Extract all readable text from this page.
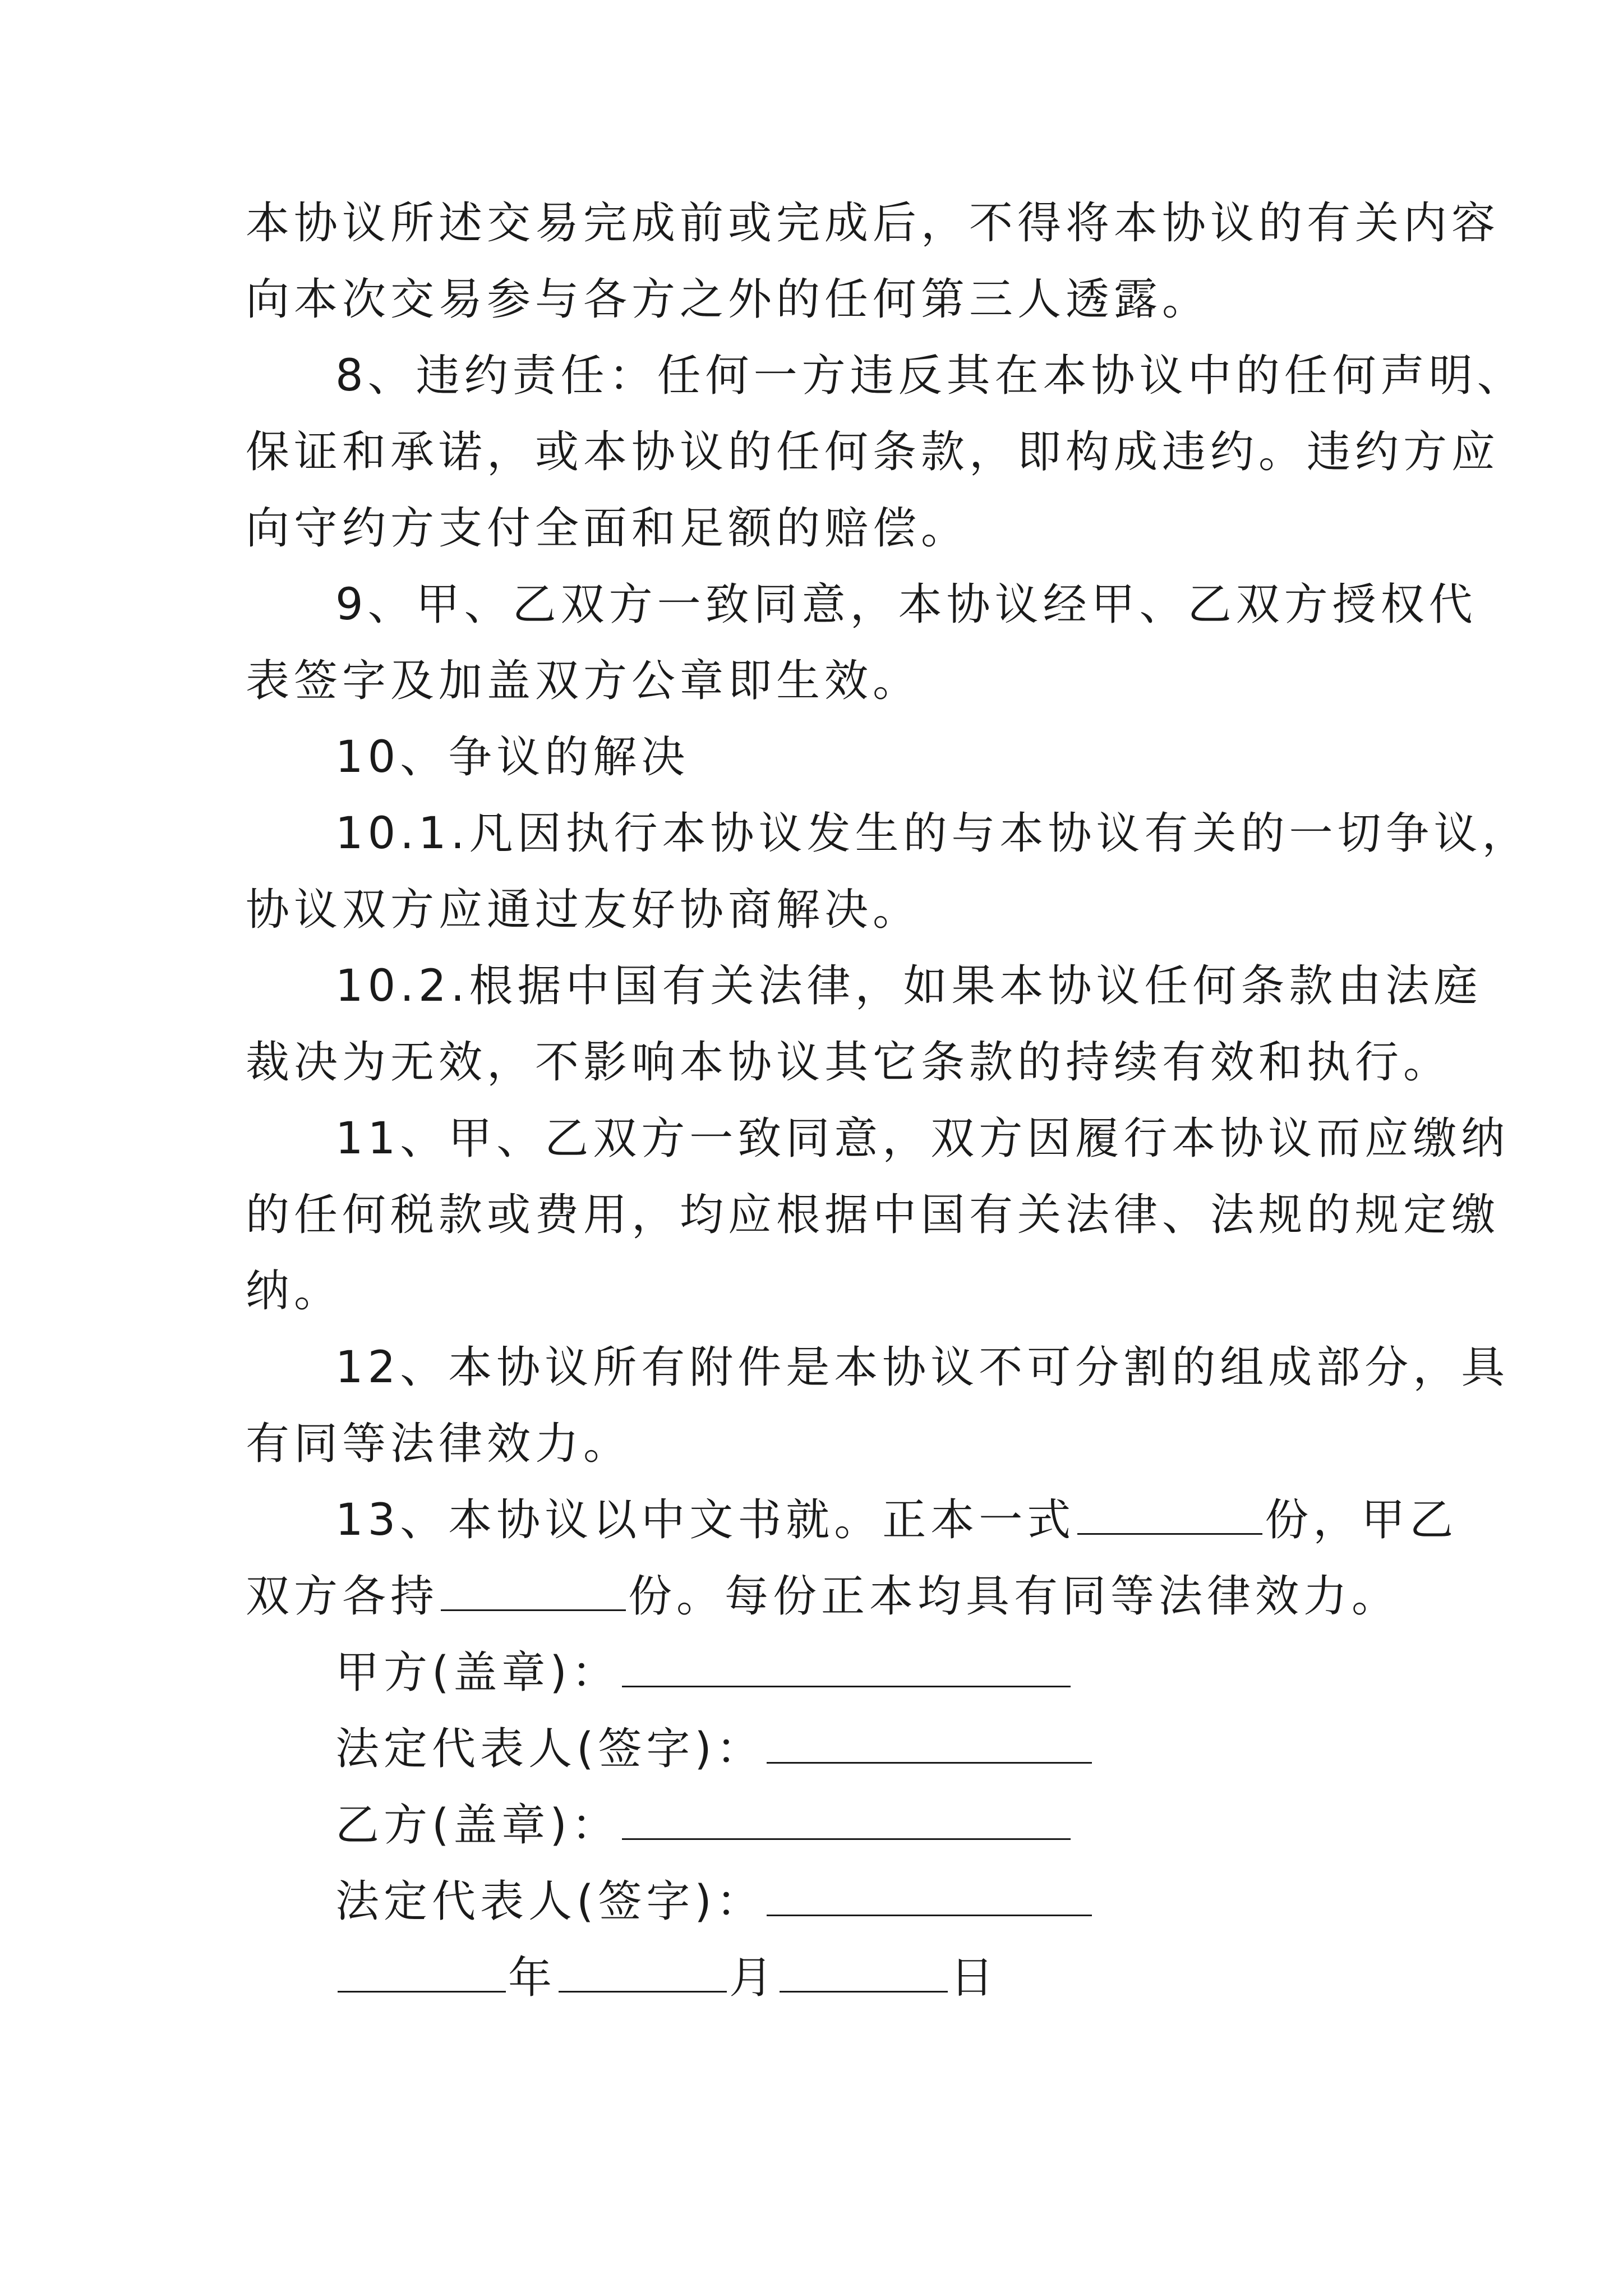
本协议所述交易完成前或完成后，不得将本协议的有关内容
向本次交易参与各方之外的任何第三人透露。
8、违约责任：任何一方违反其在本协议中的任何声明、
保证和承诺，或本协议的任何条款，即构成违约。违约方应
向守约方支付全面和足额的赔偿。
9、甲、乙双方一致同意，本协议经甲、乙双方授权代
表签字及加盖双方公章即生效。
10、争议的解决
10.1.凡因执行本协议发生的与本协议有关的一切争议，
协议双方应通过友好协商解决。
10.2.根据中国有关法律，如果本协议任何条款由法庭
裁决为无效，不影响本协议其它条款的持续有效和执行。
11、甲、乙双方一致同意，双方因履行本协议而应缴纳
的任何税款或费用，均应根据中国有关法律、法规的规定缴
纳。
12、本协议所有附件是本协议不可分割的组成部分，具
有同等法律效力。
13、本协议以中文书就。正本一式	份，甲乙
双方各持	份。每份正本均具有同等法律效力。
甲方(盖章)：
法定代表人(签字)：
乙方(盖章)：
法定代表人(签字)：
年	月	日
